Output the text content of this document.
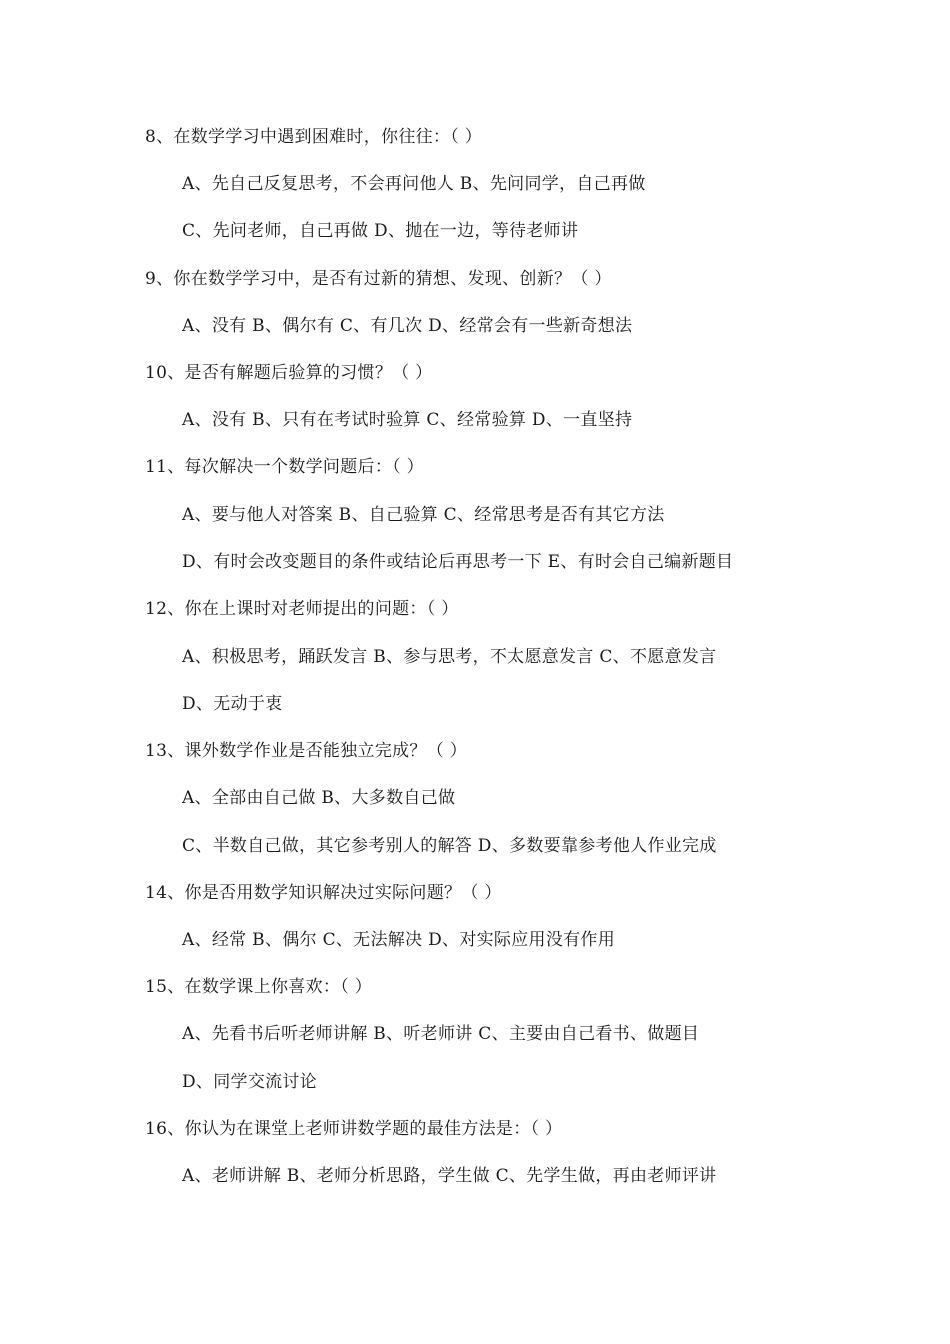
8、在数学学习中遇到困难时，你往往：（ ）
A、先自己反复思考，不会再问他人 B、先问同学，自己再做
C、先问老师，自己再做 D、抛在一边，等待老师讲
9、你在数学学习中，是否有过新的猜想、发现、创新？（ ）
A、没有 B、偶尔有 C、有几次 D、经常会有一些新奇想法
10、是否有解题后验算的习惯？（ ）
A、没有 B、只有在考试时验算 C、经常验算 D、一直坚持
11、每次解决一个数学问题后：（ ）
A、要与他人对答案 B、自己验算 C、经常思考是否有其它方法
D、有时会改变题目的条件或结论后再思考一下 E、有时会自己编新题目
12、你在上课时对老师提出的问题：（ ）
A、积极思考，踊跃发言 B、参与思考，不太愿意发言 C、不愿意发言
D、无动于衷
13、课外数学作业是否能独立完成？（ ）
A、全部由自己做 B、大多数自己做
C、半数自己做，其它参考别人的解答 D、多数要靠参考他人作业完成
14、你是否用数学知识解决过实际问题？（ ）
A、经常 B、偶尔 C、无法解决 D、对实际应用没有作用
15、在数学课上你喜欢：（ ）
A、先看书后听老师讲解 B、听老师讲 C、主要由自己看书、做题目
D、同学交流讨论
16、你认为在课堂上老师讲数学题的最佳方法是：（ ）
A、老师讲解 B、老师分析思路，学生做 C、先学生做，再由老师评讲
